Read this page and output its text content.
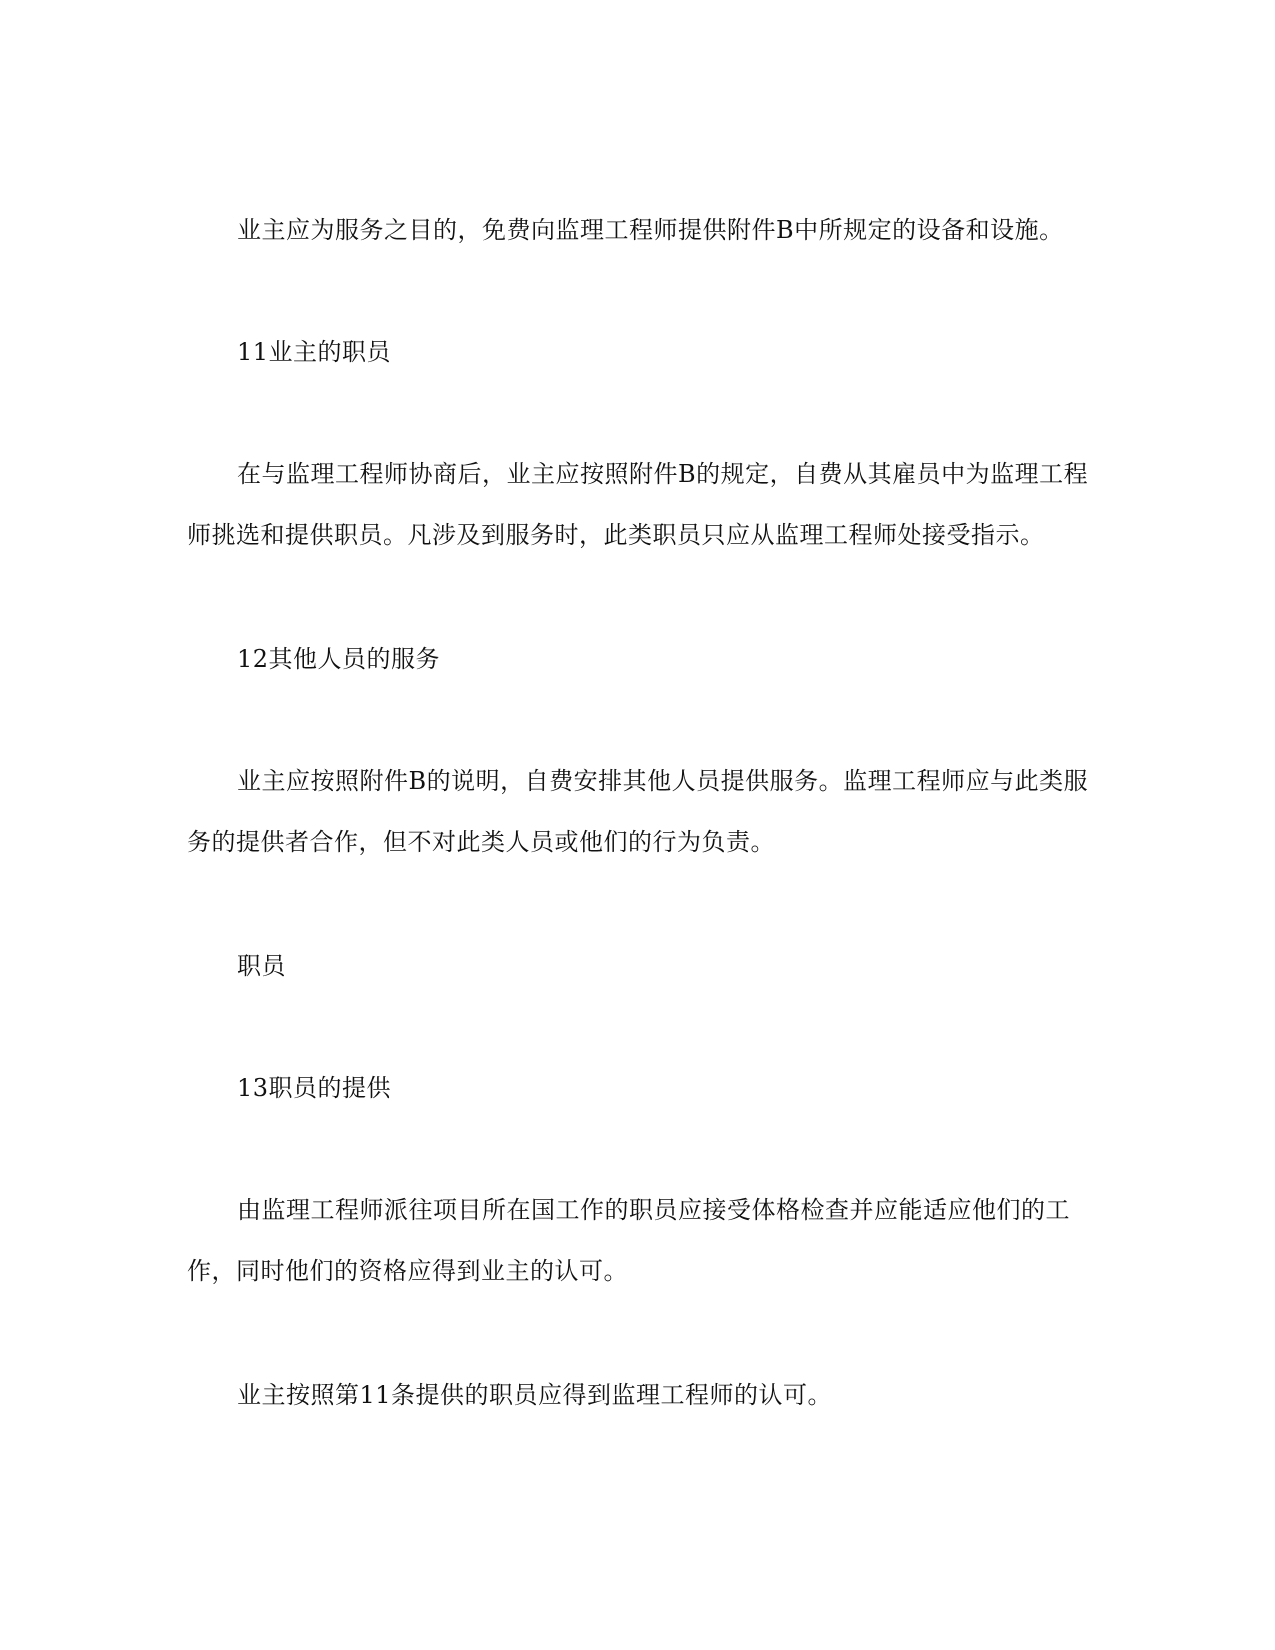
业主应为服务之目的，免费向监理工程师提供附件B中所规定的设备和设施。
11业主的职员
在与监理工程师协商后，业主应按照附件B的规定，自费从其雇员中为监理工程
师挑选和提供职员。凡涉及到服务时，此类职员只应从监理工程师处接受指示。
12其他人员的服务
业主应按照附件B的说明，自费安排其他人员提供服务。监理工程师应与此类服
务的提供者合作，但不对此类人员或他们的行为负责。
职员
13职员的提供
由监理工程师派往项目所在国工作的职员应接受体格检查并应能适应他们的工
作，同时他们的资格应得到业主的认可。
业主按照第11条提供的职员应得到监理工程师的认可。
